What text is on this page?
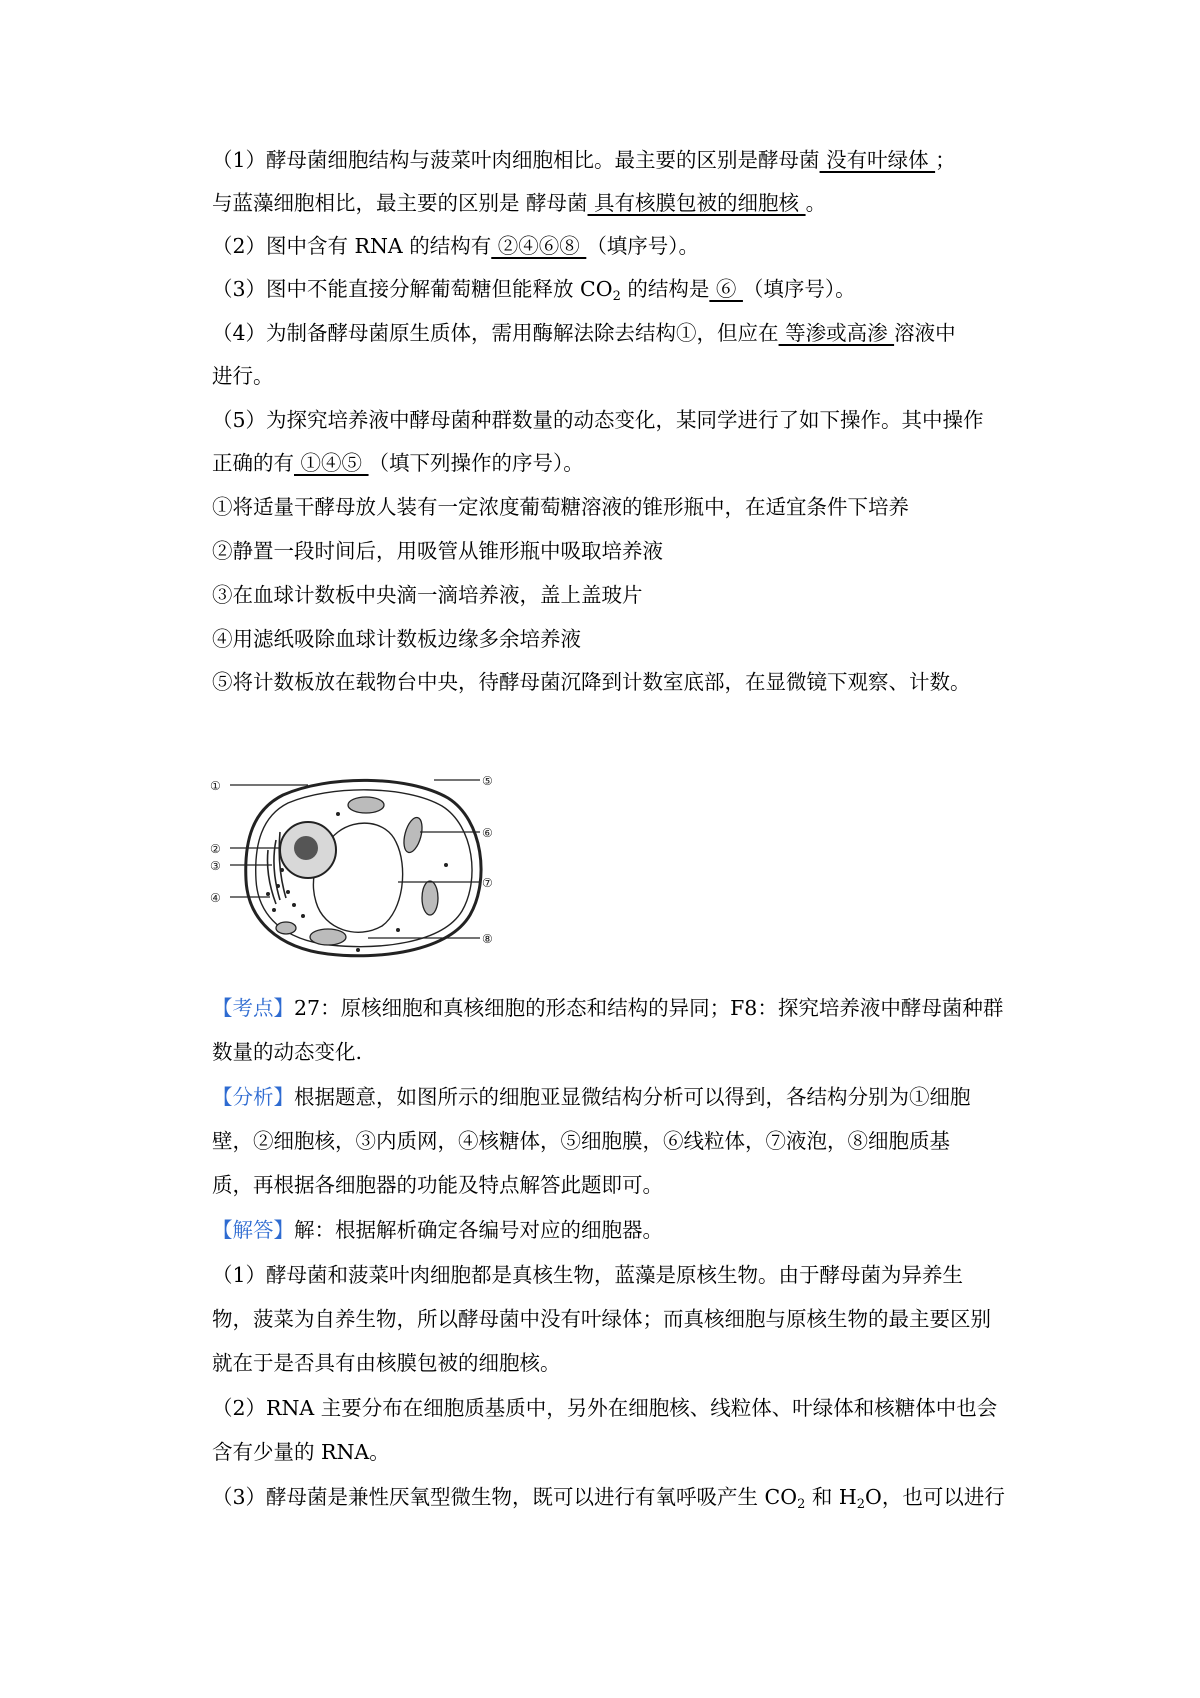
（1）酵母菌细胞结构与菠菜叶肉细胞相比。最主要的区别是酵母菌 没有叶绿体 ；
与蓝藻细胞相比，最主要的区别是 酵母菌 具有核膜包被的细胞核 。
（2）图中含有 RNA 的结构有 ②④⑥⑧ （填序号）。
（3）图中不能直接分解葡萄糖但能释放 $CO_2$ 的结构是 ⑥ （填序号）。
（4）为制备酵母菌原生质体，需用酶解法除去结构①，但应在 等渗或高渗 溶液中
进行。
（5）为探究培养液中酵母菌种群数量的动态变化，某同学进行了如下操作。其中操作
正确的有 ①④⑤ （填下列操作的序号）。
①将适量干酵母放人装有一定浓度葡萄糖溶液的锥形瓶中，在适宜条件下培养
②静置一段时间后，用吸管从锥形瓶中吸取培养液
③在血球计数板中央滴一滴培养液，盖上盖玻片
④用滤纸吸除血球计数板边缘多余培养液
⑤将计数板放在载物台中央，待酵母菌沉降到计数室底部，在显微镜下观察、计数。
①
②
③
④
⑤
⑥
⑦
⑧
【考点】27：原核细胞和真核细胞的形态和结构的异同；F8：探究培养液中酵母菌种群
数量的动态变化.
【分析】根据题意，如图所示的细胞亚显微结构分析可以得到，各结构分别为①细胞
壁，②细胞核，③内质网，④核糖体，⑤细胞膜，⑥线粒体，⑦液泡，⑧细胞质基
质，再根据各细胞器的功能及特点解答此题即可。
【解答】解：根据解析确定各编号对应的细胞器。
（1）酵母菌和菠菜叶肉细胞都是真核生物，蓝藻是原核生物。由于酵母菌为异养生
物，菠菜为自养生物，所以酵母菌中没有叶绿体；而真核细胞与原核生物的最主要区别
就在于是否具有由核膜包被的细胞核。
（2）RNA 主要分布在细胞质基质中，另外在细胞核、线粒体、叶绿体和核糖体中也会
含有少量的 RNA。
（3）酵母菌是兼性厌氧型微生物，既可以进行有氧呼吸产生 $CO_2$ 和 $H_2O$，也可以进行
